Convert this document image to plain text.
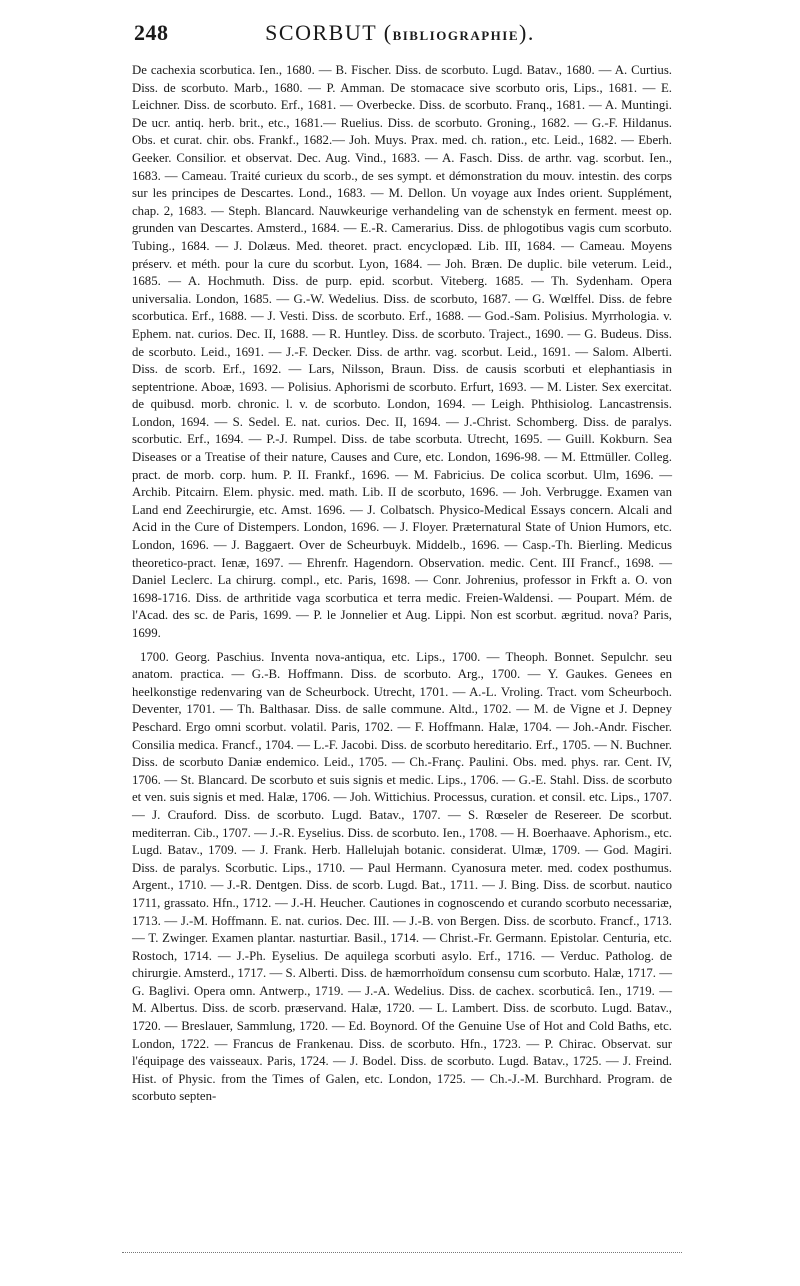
248	SCORBUT (BIBLIOGRAPHIE).

De cachexia scorbutica. Ien., 1680. — B. Fischer. Diss. de scorbuto. Lugd. Batav., 1680. — A. Curtius. Diss. de scorbuto. Marb., 1680. — P. Amman. De stomacace sive scorbuto oris, Lips., 1681. — E. Leichner. Diss. de scorbuto. Erf., 1681. — Overbecke. Diss. de scorbuto. Franq., 1681. — A. Muntingi. De ucr. antiq. herb. brit., etc., 1681.— Ruelius. Diss. de scorbuto. Groning., 1682. — G.-F. Hildanus. Obs. et curat. chir. obs. Frankf., 1682.— Joh. Muys. Prax. med. ch. ration., etc. Leid., 1682. — Eberh. Geeker. Consilior. et observat. Dec. Aug. Vind., 1683. — A. Fasch. Diss. de arthr. vag. scorbut. Ien., 1683. — Cameau. Traité curieux du scorb., de ses sympt. et démonstration du mouv. intestin. des corps sur les principes de Descartes. Lond., 1683. — M. Dellon. Un voyage aux Indes orient. Supplément, chap. 2, 1683. — Steph. Blancard. Nauwkeurige verhandeling van de schenstyk en ferment. meest op. grunden van Descartes. Amsterd., 1684. — E.-R. Camerarius. Diss. de phlogotibus vagis cum scorbuto. Tubing., 1684. — J. Dolæus. Med. theoret. pract. encyclopæd. Lib. III, 1684. — Cameau. Moyens préserv. et méth. pour la cure du scorbut. Lyon, 1684. — Joh. Bræn. De duplic. bile veterum. Leid., 1685. — A. Hochmuth. Diss. de purp. epid. scorbut. Viteberg. 1685. — Th. Sydenham. Opera universalia. London, 1685. — G.-W. Wedelius. Diss. de scorbuto, 1687. — G. Wœlffel. Diss. de febre scorbutica. Erf., 1688. — J. Vesti. Diss. de scorbuto. Erf., 1688. — God.-Sam. Polisius. Myrrhologia. v. Ephem. nat. curios. Dec. II, 1688. — R. Huntley. Diss. de scorbuto. Traject., 1690. — G. Budeus. Diss. de scorbuto. Leid., 1691. — J.-F. Decker. Diss. de arthr. vag. scorbut. Leid., 1691. — Salom. Alberti. Diss. de scorb. Erf., 1692. — Lars, Nilsson, Braun. Diss. de causis scorbuti et elephantiasis in septentrione. Aboæ, 1693. — Polisius. Aphorismi de scorbuto. Erfurt, 1693. — M. Lister. Sex exercitat. de quibusd. morb. chronic. l. v. de scorbuto. London, 1694. — Leigh. Phthisiolog. Lancastrensis. London, 1694. — S. Sedel. E. nat. curios. Dec. II, 1694. — J.-Christ. Schomberg. Diss. de paralys. scorbutic. Erf., 1694. — P.-J. Rumpel. Diss. de tabe scorbuta. Utrecht, 1695. — Guill. Kokburn. Sea Diseases or a Treatise of their nature, Causes and Cure, etc. London, 1696-98. — M. Ettmüller. Colleg. pract. de morb. corp. hum. P. II. Frankf., 1696. — M. Fabricius. De colica scorbut. Ulm, 1696. — Archib. Pitcairn. Elem. physic. med. math. Lib. II de scorbuto, 1696. — Joh. Verbrugge. Examen van Land end Zeechirurgie, etc. Amst. 1696. — J. Colbatsch. Physico-Medical Essays concern. Alcali and Acid in the Cure of Distempers. London, 1696. — J. Floyer. Præternatural State of Union Humors, etc. London, 1696. — J. Baggaert. Over de Scheurbuyk. Middelb., 1696. — Casp.-Th. Bierling. Medicus theoretico-pract. Ienæ, 1697. — Ehrenfr. Hagendorn. Observation. medic. Cent. III Francf., 1698. — Daniel Leclerc. La chirurg. compl., etc. Paris, 1698. — Conr. Johrenius, professor in Frkft a. O. von 1698-1716. Diss. de arthritide vaga scorbutica et terra medic. Freien-Waldensi. — Poupart. Mém. de l'Acad. des sc. de Paris, 1699. — P. le Jonnelier et Aug. Lippi. Non est scorbut. ægritud. nova? Paris, 1699.

1700. Georg. Paschius. Inventa nova-antiqua, etc. Lips., 1700. — Theoph. Bonnet. Sepulchr. seu anatom. practica. — G.-B. Hoffmann. Diss. de scorbuto. Arg., 1700. — Y. Gaukes. Genees en heelkonstige redenvaring van de Scheurbock. Utrecht, 1701. — A.-L. Vroling. Tract. vom Scheurboch. Deventer, 1701. — Th. Balthasar. Diss. de salle commune. Altd., 1702. — M. de Vigne et J. Depney Peschard. Ergo omni scorbut. volatil. Paris, 1702. — F. Hoffmann. Halæ, 1704. — Joh.-Andr. Fischer. Consilia medica. Francf., 1704. — L.-F. Jacobi. Diss. de scorbuto hereditario. Erf., 1705. — N. Buchner. Diss. de scorbuto Daniæ endemico. Leid., 1705. — Ch.-Franç. Paulini. Obs. med. phys. rar. Cent. IV, 1706. — St. Blancard. De scorbuto et suis signis et medic. Lips., 1706. — G.-E. Stahl. Diss. de scorbuto et ven. suis signis et med. Halæ, 1706. — Joh. Wittichius. Processus, curation. et consil. etc. Lips., 1707. — J. Crauford. Diss. de scorbuto. Lugd. Batav., 1707. — S. Rœseler de Resereer. De scorbut. mediterran. Cib., 1707. — J.-R. Eyselius. Diss. de scorbuto. Ien., 1708. — H. Boerhaave. Aphorism., etc. Lugd. Batav., 1709. — J. Frank. Herb. Hallelujah botanic. considerat. Ulmæ, 1709. — God. Magiri. Diss. de paralys. Scorbutic. Lips., 1710. — Paul Hermann. Cyanosura meter. med. codex posthumus. Argent., 1710. — J.-R. Dentgen. Diss. de scorb. Lugd. Bat., 1711. — J. Bing. Diss. de scorbut. nautico 1711, grassato. Hfn., 1712. — J.-H. Heucher. Cautiones in cognoscendo et curando scorbuto necessariæ, 1713. — J.-M. Hoffmann. E. nat. curios. Dec. III. — J.-B. von Bergen. Diss. de scorbuto. Francf., 1713. — T. Zwinger. Examen plantar. nasturtiar. Basil., 1714. — Christ.-Fr. Germann. Epistolar. Centuria, etc. Rostoch, 1714. — J.-Ph. Eyselius. De aquilega scorbuti asylo. Erf., 1716. — Verduc. Patholog. de chirurgie. Amsterd., 1717. — S. Alberti. Diss. de hæmorrhoïdum consensu cum scorbuto. Halæ, 1717. — G. Baglivi. Opera omn. Antwerp., 1719. — J.-A. Wedelius. Diss. de cachex. scorbuticâ. Ien., 1719. — M. Albertus. Diss. de scorb. præservand. Halæ, 1720. — L. Lambert. Diss. de scorbuto. Lugd. Batav., 1720. — Breslauer, Sammlung, 1720. — Ed. Boynord. Of the Genuine Use of Hot and Cold Baths, etc. London, 1722. — Francus de Frankenau. Diss. de scorbuto. Hfn., 1723. — P. Chirac. Observat. sur l'équipage des vaisseaux. Paris, 1724. — J. Bodel. Diss. de scorbuto. Lugd. Batav., 1725. — J. Freind. Hist. of Physic. from the Times of Galen, etc. London, 1725. — Ch.-J.-M. Burchhard. Program. de scorbuto septen-
